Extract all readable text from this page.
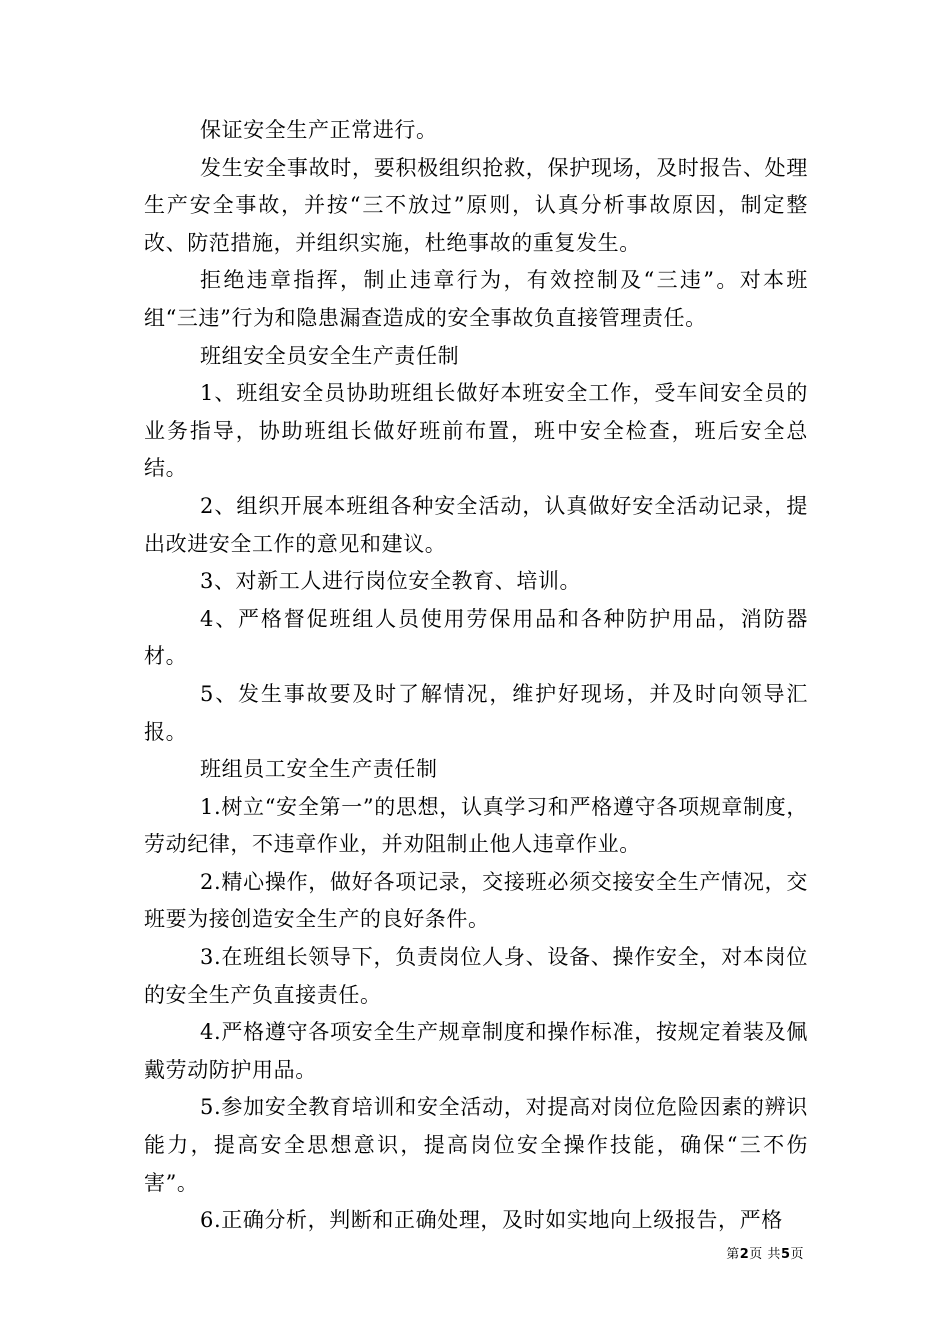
保证安全生产正常进行。

发生安全事故时，要积极组织抢救，保护现场，及时报告、处理生产安全事故，并按“三不放过”原则，认真分析事故原因，制定整改、防范措施，并组织实施，杜绝事故的重复发生。

拒绝违章指挥，制止违章行为，有效控制及“三违”。对本班组“三违”行为和隐患漏查造成的安全事故负直接管理责任。

班组安全员安全生产责任制

1、班组安全员协助班组长做好本班安全工作，受车间安全员的业务指导，协助班组长做好班前布置，班中安全检查，班后安全总结。

2、组织开展本班组各种安全活动，认真做好安全活动记录，提出改进安全工作的意见和建议。

3、对新工人进行岗位安全教育、培训。

4、严格督促班组人员使用劳保用品和各种防护用品，消防器材。

5、发生事故要及时了解情况，维护好现场，并及时向领导汇报。

班组员工安全生产责任制

1.树立“安全第一”的思想，认真学习和严格遵守各项规章制度，劳动纪律，不违章作业，并劝阻制止他人违章作业。

2.精心操作，做好各项记录，交接班必须交接安全生产情况，交班要为接创造安全生产的良好条件。

3.在班组长领导下，负责岗位人身、设备、操作安全，对本岗位的安全生产负直接责任。

4.严格遵守各项安全生产规章制度和操作标准，按规定着装及佩戴劳动防护用品。

5.参加安全教育培训和安全活动，对提高对岗位危险因素的辨识能力，提高安全思想意识，提高岗位安全操作技能，确保“三不伤害”。

6.正确分析，判断和正确处理，及时如实地向上级报告，严格

第2页 共5页
